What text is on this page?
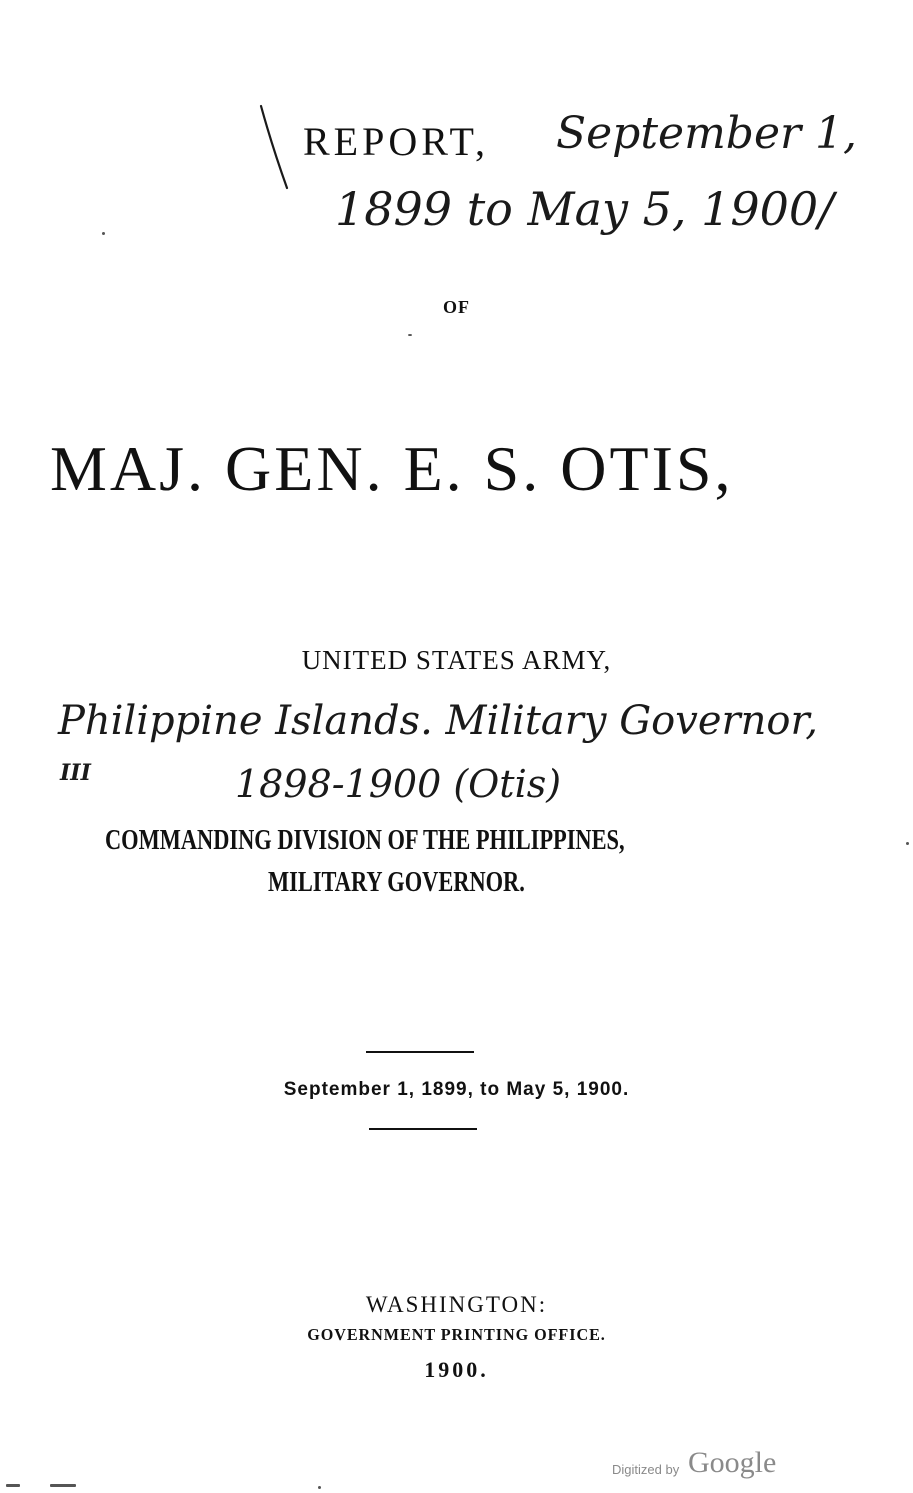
REPORT, September 1,
1899 to May 5, 1900/
OF
MAJ. GEN. E. S. OTIS,
UNITED STATES ARMY,
Philippine Islands. Military Governor,
III	1898-1900 (Otis)
COMMANDING DIVISION OF THE PHILIPPINES,
MILITARY GOVERNOR.
September 1, 1899, to May 5, 1900.
WASHINGTON:
GOVERNMENT PRINTING OFFICE.
1900.
Digitized by Google
